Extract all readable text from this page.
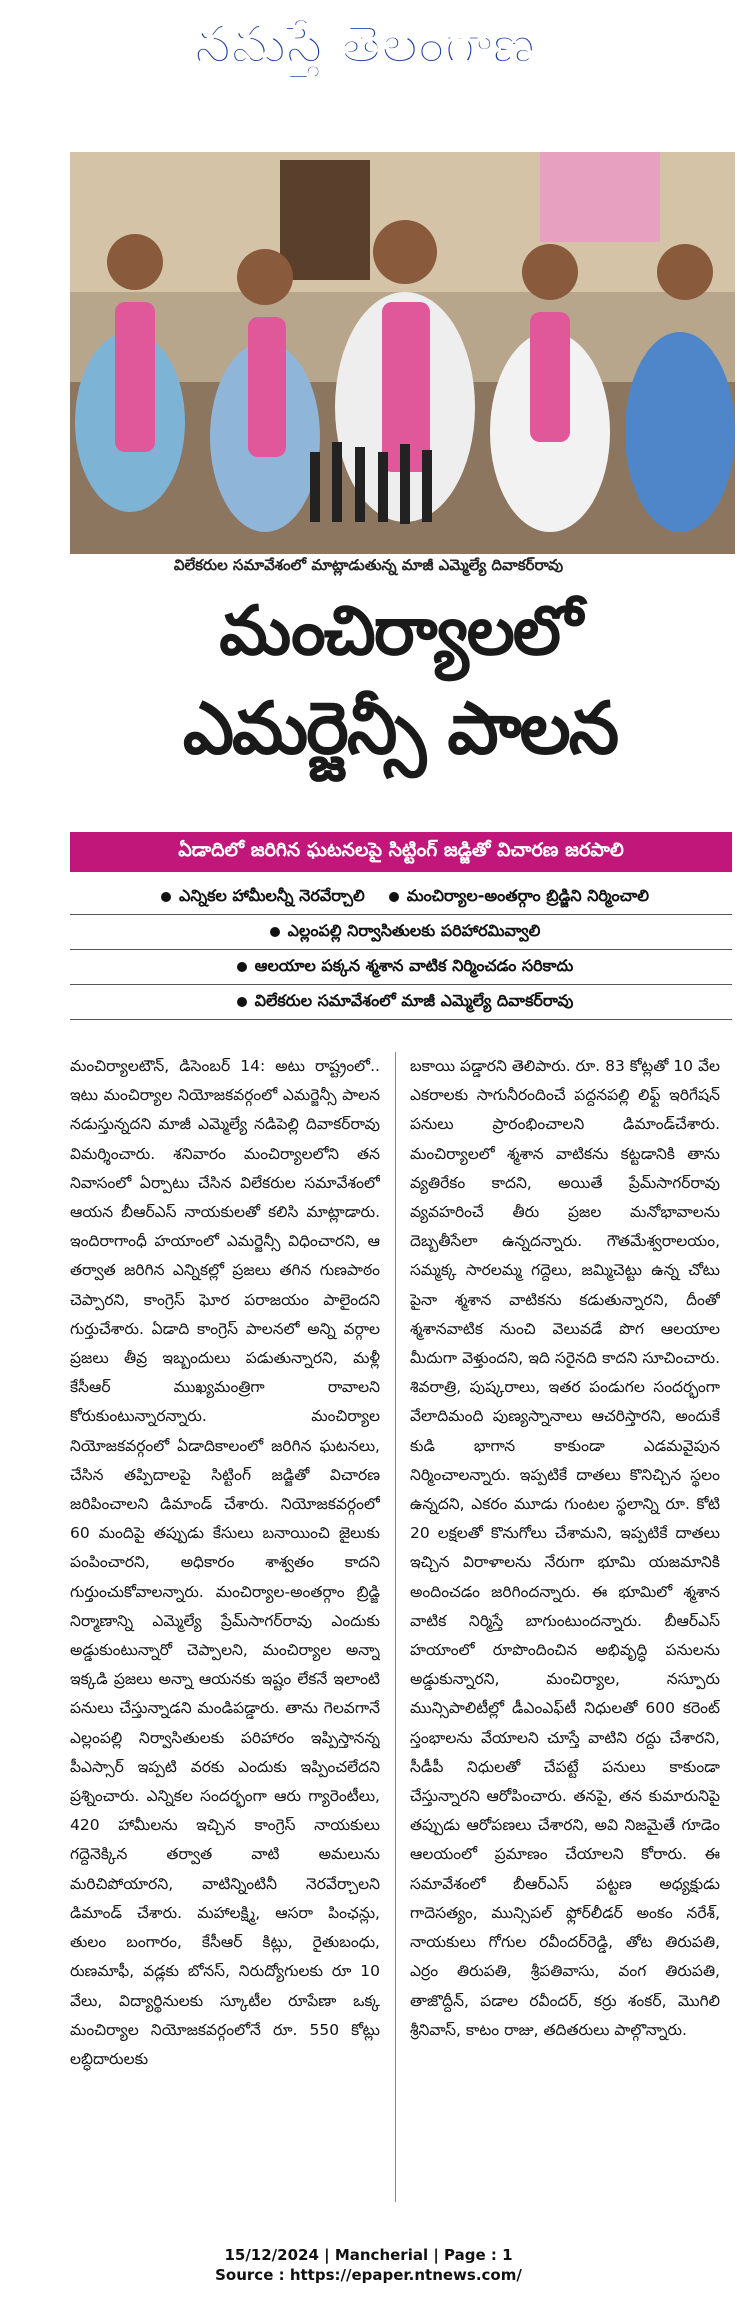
నమస్తే తెలంగాణ
విలేకరుల సమావేశంలో మాట్లాడుతున్న మాజీ ఎమ్మెల్యే దివాకర్‌రావు
మంచిర్యాలలో
ఎమర్జెన్సీ పాలన
ఏడాదిలో జరిగిన ఘటనలపై సిట్టింగ్ జడ్జితో విచారణ జరపాలి
ఎన్నికల హామీలన్నీ నెరవేర్చాలి	మంచిర్యాల-అంతర్గాం బ్రిడ్జిని నిర్మించాలి
ఎల్లంపల్లి నిర్వాసితులకు పరిహారమివ్వాలి
ఆలయాల పక్కన శ్మశాన వాటిక నిర్మించడం సరికాదు
విలేకరుల సమావేశంలో మాజీ ఎమ్మెల్యే దివాకర్‌రావు

మంచిర్యాలటౌన్, డిసెంబర్ 14: అటు రాష్ట్రంలో.. ఇటు మంచిర్యాల నియోజకవర్గంలో ఎమర్జెన్సీ పాలన నడుస్తున్నదని మాజీ ఎమ్మెల్యే నడిపెల్లి దివాకర్‌రావు విమర్శించారు. శనివారం మంచిర్యాలలోని తన నివాసంలో ఏర్పాటు చేసిన విలేకరుల సమావేశంలో ఆయన బీఆర్‌ఎస్ నాయకులతో కలిసి మాట్లాడారు. ఇందిరాగాంధీ హయాంలో ఎమర్జెన్సీ విధించారని, ఆ తర్వాత జరిగిన ఎన్నికల్లో ప్రజలు తగిన గుణపాఠం చెప్పారని, కాంగ్రెస్ ఘోర పరాజయం పాలైందని గుర్తుచేశారు. ఏడాది కాంగ్రెస్ పాలనలో అన్ని వర్గాల ప్రజలు తీవ్ర ఇబ్బందులు పడుతున్నారని, మళ్లీ కేసీఆర్ ముఖ్యమంత్రిగా రావాలని కోరుకుంటున్నారన్నారు. మంచిర్యాల నియోజకవర్గంలో ఏడాదికాలంలో జరిగిన ఘటనలు, చేసిన తప్పిదాలపై సిట్టింగ్ జడ్జితో విచారణ జరిపించాలని డిమాండ్ చేశారు. నియోజకవర్గంలో 60 మందిపై తప్పుడు కేసులు బనాయించి జైలుకు పంపించారని, అధికారం శాశ్వతం కాదని గుర్తుంచుకోవాలన్నారు. మంచిర్యాల-అంతర్గాం బ్రిడ్జి నిర్మాణాన్ని ఎమ్మెల్యే ప్రేమ్‌సాగర్‌రావు ఎందుకు అడ్డుకుంటున్నారో చెప్పాలని, మంచిర్యాల అన్నా ఇక్కడి ప్రజలు అన్నా ఆయనకు ఇష్టం లేకనే ఇలాంటి పనులు చేస్తున్నాడని మండిపడ్డారు. తాను గెలవగానే ఎల్లంపల్లి నిర్వాసితులకు పరిహారం ఇప్పిస్తానన్న పీఎస్సార్ ఇప్పటి వరకు ఎందుకు ఇప్పించలేదని ప్రశ్నించారు. ఎన్నికల సందర్భంగా ఆరు గ్యారెంటీలు, 420 హామీలను ఇచ్చిన కాంగ్రెస్ నాయకులు గద్దెనెక్కిన తర్వాత వాటి అమలును మరిచిపోయారని, వాటిన్నింటినీ నెరవేర్చాలని డిమాండ్ చేశారు. మహాలక్ష్మి, ఆసరా పింఛన్లు, తులం బంగారం, కేసీఆర్ కిట్లు, రైతుబంధు, రుణమాఫీ, వడ్లకు బోనస్, నిరుద్యోగులకు రూ 10 వేలు, విద్యార్థినులకు స్కూటీల రూపేణా ఒక్క మంచిర్యాల నియోజకవర్గంలోనే రూ. 550 కోట్లు లబ్ధిదారులకు

బకాయి పడ్డారని తెలిపారు. రూ. 83 కోట్లతో 10 వేల ఎకరాలకు సాగునీరందించే పద్దనపల్లి లిఫ్ట్ ఇరిగేషన్ పనులు ప్రారంభించాలని డిమాండ్‌చేశారు. మంచిర్యాలలో శ్మశాన వాటికను కట్టడానికి తాను వ్యతిరేకం కాదని, అయితే ప్రేమ్‌సాగర్‌రావు వ్యవహరించే తీరు ప్రజల మనోభావాలను దెబ్బతీసేలా ఉన్నదన్నారు. గౌతమేశ్వరాలయం, సమ్మక్క సారలమ్మ గద్దెలు, జమ్మిచెట్టు ఉన్న చోటు పైనా శ్మశాన వాటికను కడుతున్నారని, దీంతో శ్మశానవాటిక నుంచి వెలువడే పొగ ఆలయాల మీదుగా వెళ్తుందని, ఇది సరైనది కాదని సూచించారు. శివరాత్రి, పుష్కరాలు, ఇతర పండుగల సందర్భంగా వేలాదిమంది పుణ్యస్నానాలు ఆచరిస్తారని, అందుకే కుడి భాగాన కాకుండా ఎడమవైపున నిర్మించాలన్నారు. ఇప్పటికే దాతలు కొనిచ్చిన స్థలం ఉన్నదని, ఎకరం మూడు గుంటల స్థలాన్ని రూ. కోటి 20 లక్షలతో కొనుగోలు చేశామని, ఇప్పటికే దాతలు ఇచ్చిన విరాళాలను నేరుగా భూమి యజమానికి అందించడం జరిగిందన్నారు. ఈ భూమిలో శ్మశాన వాటిక నిర్మిస్తే బాగుంటుందన్నారు. బీఆర్‌ఎస్ హయాంలో రూపొందించిన అభివృద్ధి పనులను అడ్డుకున్నారని, మంచిర్యాల, నస్పూరు మున్సిపాలిటీల్లో డీఎంఎఫ్‌టీ నిధులతో 600 కరెంట్ స్తంభాలను వేయాలని చూస్తే వాటిని రద్దు చేశారని, సీడీపీ నిధులతో చేపట్టే పనులు కాకుండా చేస్తున్నారని ఆరోపించారు. తనపై, తన కుమారునిపై తప్పుడు ఆరోపణలు చేశారని, అవి నిజమైతే గూడెం ఆలయంలో ప్రమాణం చేయాలని కోరారు. ఈ సమావేశంలో బీఆర్‌ఎస్ పట్టణ అధ్యక్షుడు గాదెసత్యం, మున్సిపల్ ఫ్లోర్‌లీడర్ అంకం నరేశ్, నాయకులు గోగుల రవీందర్‌రెడ్డి, తోట తిరుపతి, ఎర్రం తిరుపతి, శ్రీపతివాసు, వంగ తిరుపతి, తాజొద్దీన్, పడాల రవీందర్, కర్రు శంకర్, మొగిలి శ్రీనివాస్, కాటం రాజు, తదితరులు పాల్గొన్నారు.

15/12/2024 | Mancherial | Page : 1
Source : https://epaper.ntnews.com/
